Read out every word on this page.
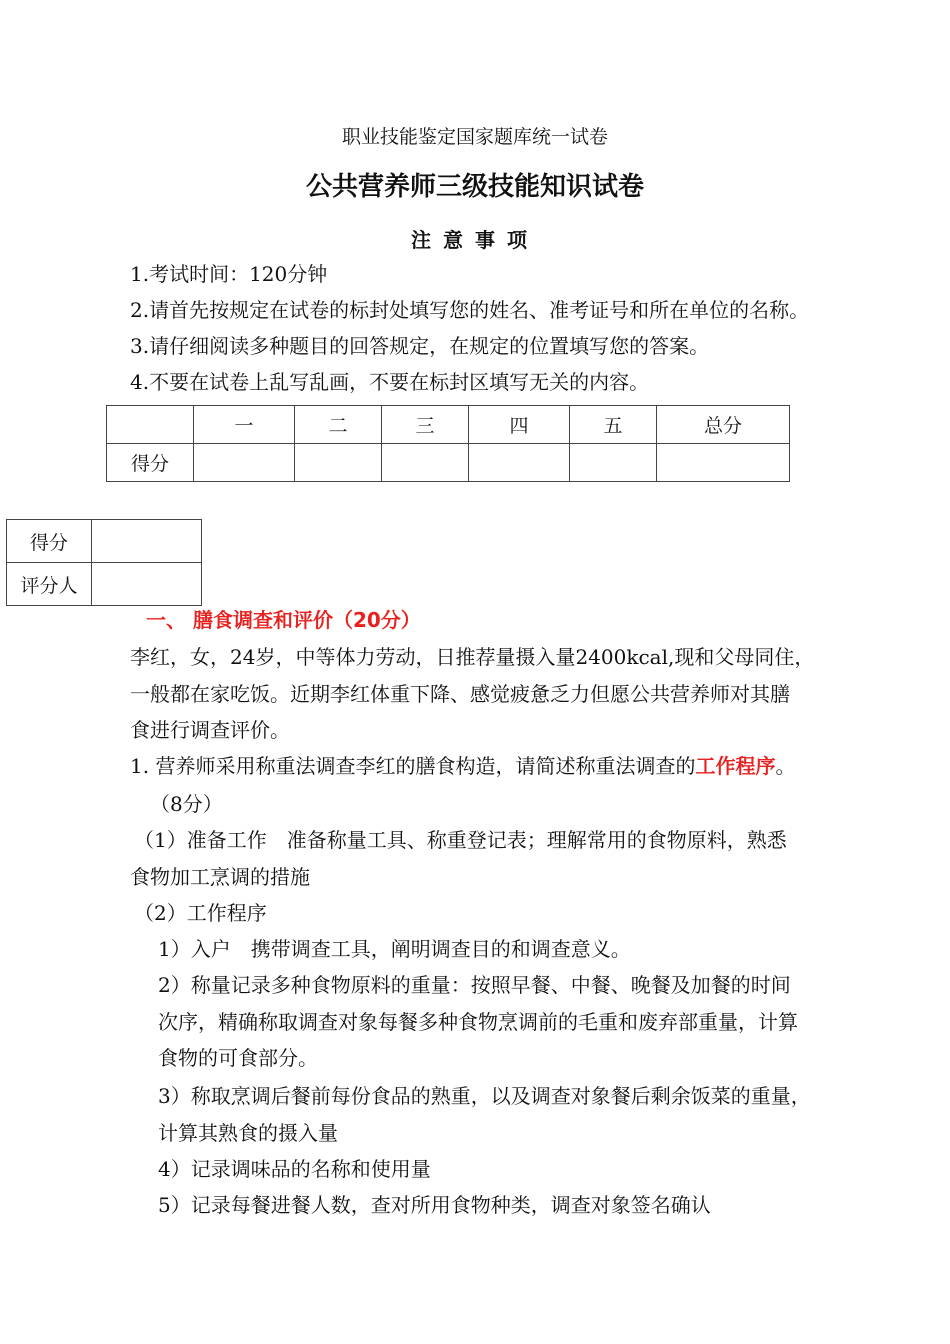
职业技能鉴定国家题库统一试卷
公共营养师三级技能知识试卷
注意事项
1.考试时间：120分钟
2.请首先按规定在试卷的标封处填写您的姓名、准考证号和所在单位的名称。
3.请仔细阅读多种题目的回答规定，在规定的位置填写您的答案。
4.不要在试卷上乱写乱画，不要在标封区填写无关的内容。
	一	二	三	四	五	总分
得分						
得分	
评分人	
一、 膳食调查和评价（20分）
李红，女，24岁，中等体力劳动，日推荐量摄入量2400kcal,现和父母同住，
一般都在家吃饭。近期李红体重下降、感觉疲惫乏力但愿公共营养师对其膳
食进行调查评价。
1. 营养师采用称重法调查李红的膳食构造，请简述称重法调查的工作程序。
（8分）
（1）准备工作　准备称量工具、称重登记表；理解常用的食物原料，熟悉
食物加工烹调的措施
（2）工作程序
1）入户　携带调查工具，阐明调查目的和调查意义。
2）称量记录多种食物原料的重量：按照早餐、中餐、晚餐及加餐的时间
次序，精确称取调查对象每餐多种食物烹调前的毛重和废弃部重量，计算
食物的可食部分。
3）称取烹调后餐前每份食品的熟重，以及调查对象餐后剩余饭菜的重量，
计算其熟食的摄入量
4）记录调味品的名称和使用量
5）记录每餐进餐人数，查对所用食物种类，调查对象签名确认
